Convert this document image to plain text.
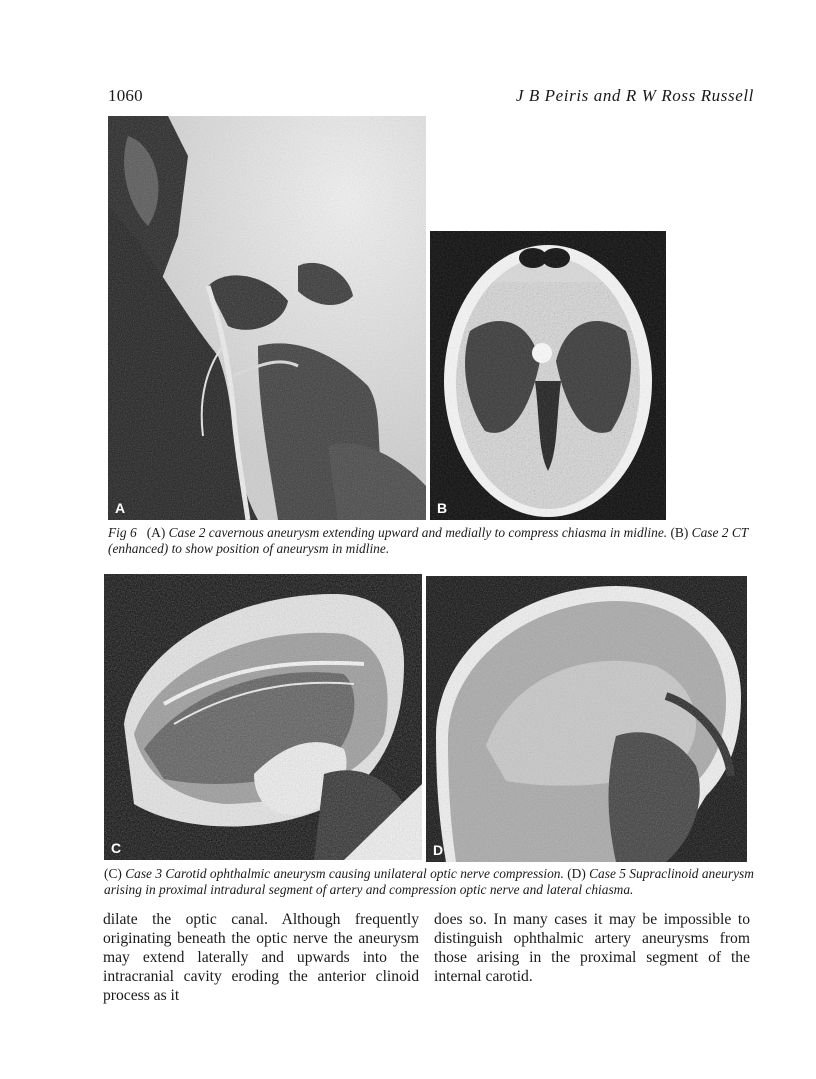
1060	J B Peiris and R W Ross Russell
A	B
C	D
Fig 6 (A) Case 2 cavernous aneurysm extending upward and medially to compress chiasma in midline. (B) Case 2 CT (enhanced) to show position of aneurysm in midline.
(C) Case 3 Carotid ophthalmic aneurysm causing unilateral optic nerve compression. (D) Case 5 Supraclinoid aneurysm arising in proximal intradural segment of artery and compression optic nerve and lateral chiasma.
dilate the optic canal. Although frequently originating beneath the optic nerve the aneurysm may extend laterally and upwards into the intracranial cavity eroding the anterior clinoid process as it
does so. In many cases it may be impossible to distinguish ophthalmic artery aneurysms from those arising in the proximal segment of the internal carotid.
